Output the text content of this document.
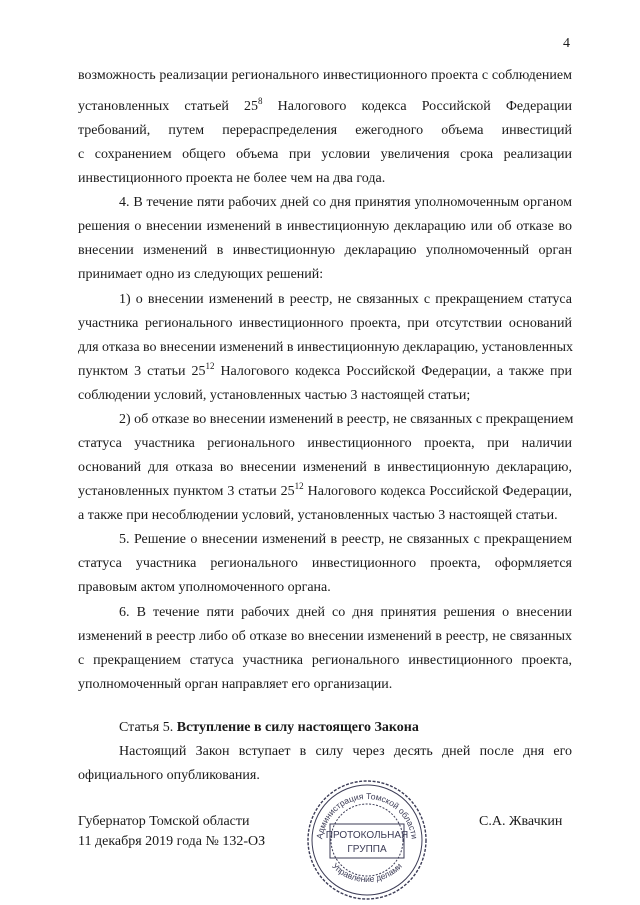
4
возможность реализации регионального инвестиционного проекта с соблюдением
установленных статьей $25^8$ Налогового кодекса Российской Федерации
требований, путем перераспределения ежегодного объема инвестиций
с сохранением общего объема при условии увеличения срока реализации
инвестиционного проекта не более чем на два года.
4. В течение пяти рабочих дней со дня принятия уполномоченным органом
решения о внесении изменений в инвестиционную декларацию или об отказе во
внесении изменений в инвестиционную декларацию уполномоченный орган
принимает одно из следующих решений:
1) о внесении изменений в реестр, не связанных с прекращением статуса
участника регионального инвестиционного проекта, при отсутствии оснований
для отказа во внесении изменений в инвестиционную декларацию, установленных
пунктом 3 статьи $25^{12}$ Налогового кодекса Российской Федерации, а также при
соблюдении условий, установленных частью 3 настоящей статьи;
2) об отказе во внесении изменений в реестр, не связанных с прекращением
статуса участника регионального инвестиционного проекта, при наличии
оснований для отказа во внесении изменений в инвестиционную декларацию,
установленных пунктом 3 статьи $25^{12}$ Налогового кодекса Российской Федерации,
а также при несоблюдении условий, установленных частью 3 настоящей статьи.
5. Решение о внесении изменений в реестр, не связанных с прекращением
статуса участника регионального инвестиционного проекта, оформляется
правовым актом уполномоченного органа.
6. В течение пяти рабочих дней со дня принятия решения о внесении
изменений в реестр либо об отказе во внесении изменений в реестр, не связанных
с прекращением статуса участника регионального инвестиционного проекта,
уполномоченный орган направляет его организации.
Статья 5. Вступление в силу настоящего Закона
Настоящий Закон вступает в силу через десять дней после дня его
официального опубликования.
Губернатор Томской области	С.А. Жвачкин
11 декабря 2019 года № 132-ОЗ	Администрация Томской области
Управление делами
ПРОТОКОЛЬНАЯ
ГРУППА
